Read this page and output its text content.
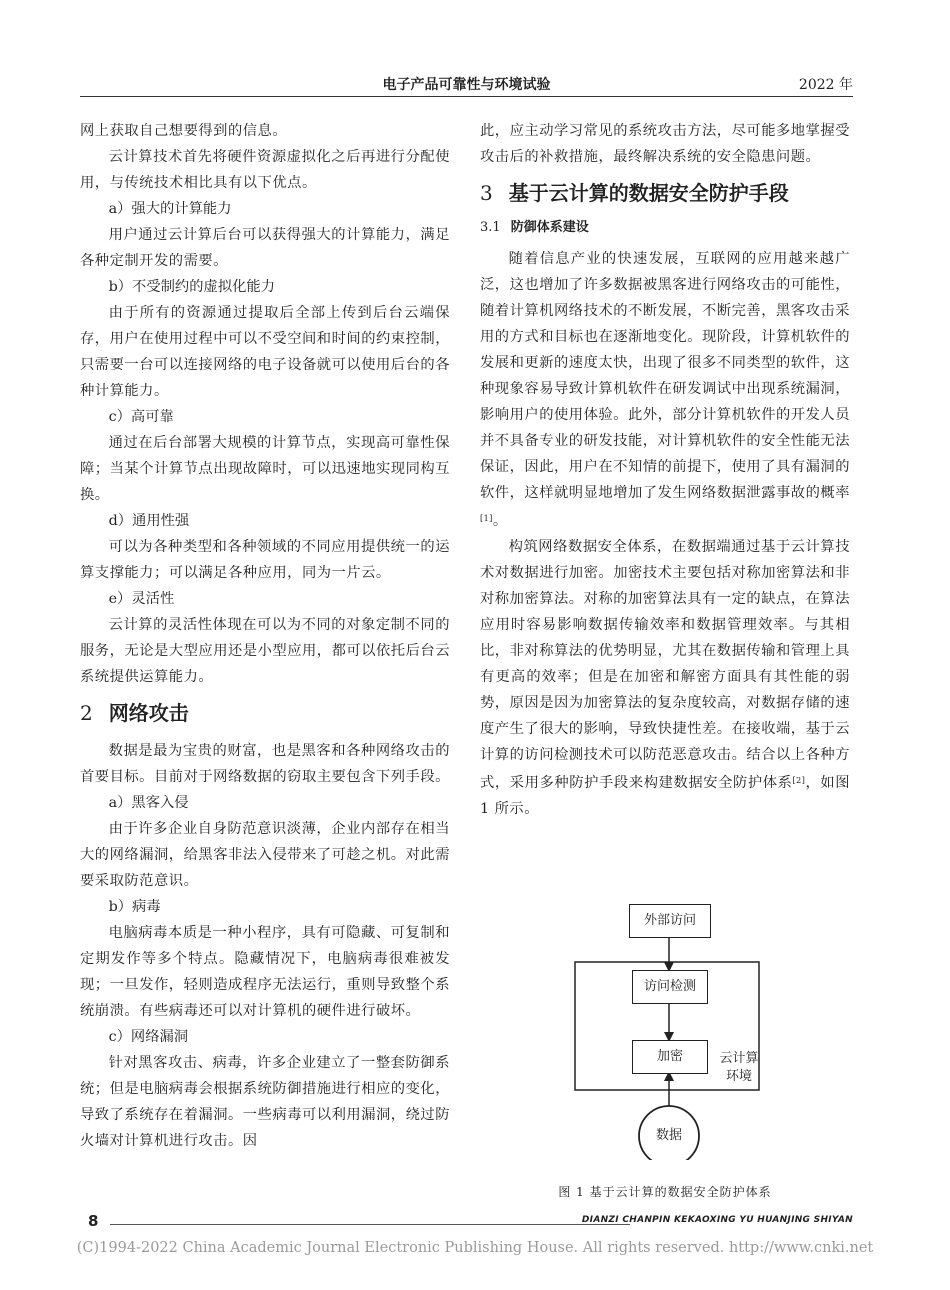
电子产品可靠性与环境试验	2022 年

网上获取自己想要得到的信息。

云计算技术首先将硬件资源虚拟化之后再进行分配使用，与传统技术相比具有以下优点。

a）强大的计算能力

用户通过云计算后台可以获得强大的计算能力，满足各种定制开发的需要。

b）不受制约的虚拟化能力

由于所有的资源通过提取后全部上传到后台云端保存，用户在使用过程中可以不受空间和时间的约束控制，只需要一台可以连接网络的电子设备就可以使用后台的各种计算能力。

c）高可靠

通过在后台部署大规模的计算节点，实现高可靠性保障；当某个计算节点出现故障时，可以迅速地实现同构互换。

d）通用性强

可以为各种类型和各种领域的不同应用提供统一的运算支撑能力；可以满足各种应用，同为一片云。

e）灵活性

云计算的灵活性体现在可以为不同的对象定制不同的服务，无论是大型应用还是小型应用，都可以依托后台云系统提供运算能力。

2 网络攻击

数据是最为宝贵的财富，也是黑客和各种网络攻击的首要目标。目前对于网络数据的窃取主要包含下列手段。

a）黑客入侵

由于许多企业自身防范意识淡薄，企业内部存在相当大的网络漏洞，给黑客非法入侵带来了可趁之机。对此需要采取防范意识。

b）病毒

电脑病毒本质是一种小程序，具有可隐藏、可复制和定期发作等多个特点。隐藏情况下，电脑病毒很难被发现；一旦发作，轻则造成程序无法运行，重则导致整个系统崩溃。有些病毒还可以对计算机的硬件进行破坏。

c）网络漏洞

针对黑客攻击、病毒，许多企业建立了一整套防御系统；但是电脑病毒会根据系统防御措施进行相应的变化，导致了系统存在着漏洞。一些病毒可以利用漏洞，绕过防火墙对计算机进行攻击。因

此，应主动学习常见的系统攻击方法，尽可能多地掌握受攻击后的补救措施，最终解决系统的安全隐患问题。

3 基于云计算的数据安全防护手段
3.1 防御体系建设

随着信息产业的快速发展，互联网的应用越来越广泛，这也增加了许多数据被黑客进行网络攻击的可能性，随着计算机网络技术的不断发展，不断完善，黑客攻击采用的方式和目标也在逐渐地变化。现阶段，计算机软件的发展和更新的速度太快，出现了很多不同类型的软件，这种现象容易导致计算机软件在研发调试中出现系统漏洞，影响用户的使用体验。此外，部分计算机软件的开发人员并不具备专业的研发技能，对计算机软件的安全性能无法保证，因此，用户在不知情的前提下，使用了具有漏洞的软件，这样就明显地增加了发生网络数据泄露事故的概率[1]。

构筑网络数据安全体系，在数据端通过基于云计算技术对数据进行加密。加密技术主要包括对称加密算法和非对称加密算法。对称的加密算法具有一定的缺点，在算法应用时容易影响数据传输效率和数据管理效率。与其相比，非对称算法的优势明显，尤其在数据传输和管理上具有更高的效率；但是在加密和解密方面具有其性能的弱势，原因是因为加密算法的复杂度较高，对数据存储的速度产生了很大的影响，导致快捷性差。在接收端，基于云计算的访问检测技术可以防范恶意攻击。结合以上各种方式，采用多种防护手段来构建数据安全防护体系[2]，如图 1 所示。

外部访问
访问检测
加密	云计算
环境
数据
图 1 基于云计算的数据安全防护体系
8	DIANZI CHANPIN KEKAOXING YU HUANJING SHIYAN
(C)1994-2022 China Academic Journal Electronic Publishing House. All rights reserved. http://www.cnki.net
